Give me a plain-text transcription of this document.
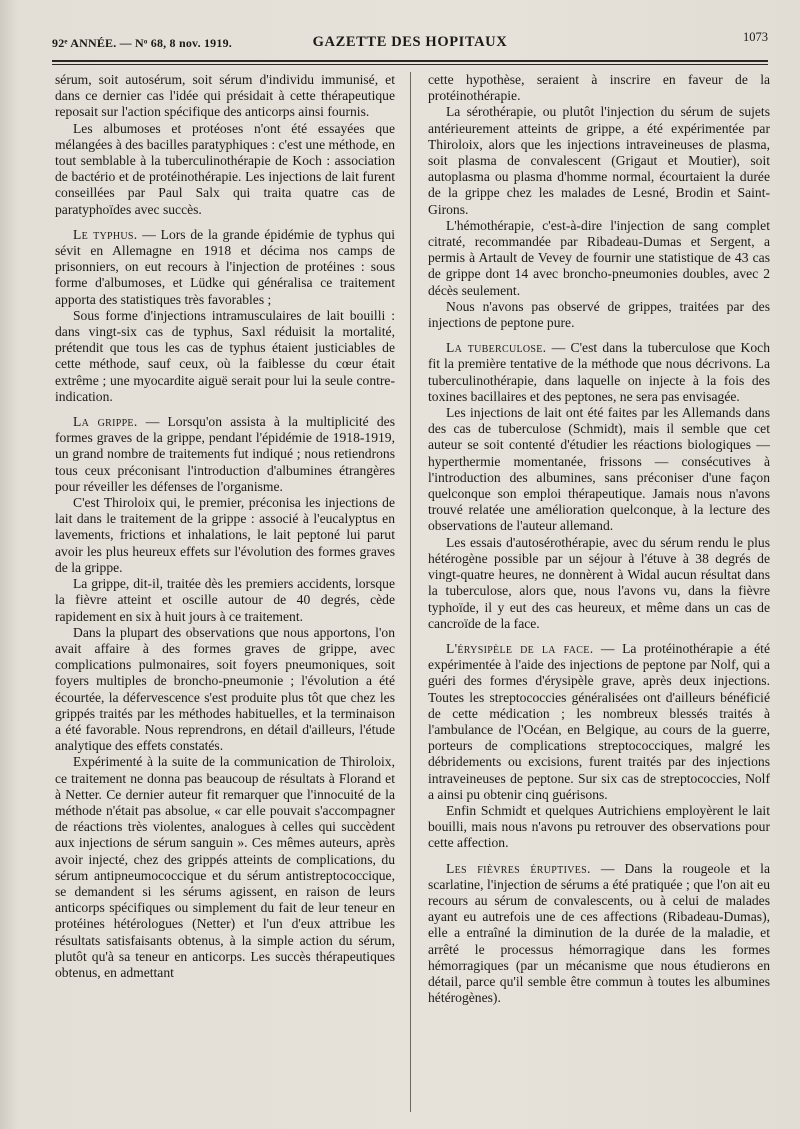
92ᵉ ANNÉE. — Nᵒ 68, 8 nov. 1919.	GAZETTE DES HOPITAUX	1073

sérum, soit autosérum, soit sérum d'individu immunisé, et dans ce dernier cas l'idée qui présidait à cette thérapeutique reposait sur l'action spécifique des anticorps ainsi fournis.

Les albumoses et protéoses n'ont été essayées que mélangées à des bacilles paratyphiques : c'est une méthode, en tout semblable à la tuberculinothérapie de Koch : association de bactério et de protéinothérapie. Les injections de lait furent conseillées par Paul Salx qui traita quatre cas de paratyphoïdes avec succès.

Le typhus. — Lors de la grande épidémie de typhus qui sévit en Allemagne en 1918 et décima nos camps de prisonniers, on eut recours à l'injection de protéines : sous forme d'albumoses, et Lüdke qui généralisa ce traitement apporta des statistiques très favorables ;

Sous forme d'injections intramusculaires de lait bouilli : dans vingt-six cas de typhus, Saxl réduisit la mortalité, prétendit que tous les cas de typhus étaient justiciables de cette méthode, sauf ceux, où la faiblesse du cœur était extrême ; une myocardite aiguë serait pour lui la seule contre-indication.

La grippe. — Lorsqu'on assista à la multiplicité des formes graves de la grippe, pendant l'épidémie de 1918-1919, un grand nombre de traitements fut indiqué ; nous retiendrons tous ceux préconisant l'introduction d'albumines étrangères pour réveiller les défenses de l'organisme.

C'est Thiroloix qui, le premier, préconisa les injections de lait dans le traitement de la grippe : associé à l'eucalyptus en lavements, frictions et inhalations, le lait peptoné lui parut avoir les plus heureux effets sur l'évolution des formes graves de la grippe.

La grippe, dit-il, traitée dès les premiers accidents, lorsque la fièvre atteint et oscille autour de 40 degrés, cède rapidement en six à huit jours à ce traitement.

Dans la plupart des observations que nous apportons, l'on avait affaire à des formes graves de grippe, avec complications pulmonaires, soit foyers pneumoniques, soit foyers multiples de broncho-pneumonie ; l'évolution a été écourtée, la défervescence s'est produite plus tôt que chez les grippés traités par les méthodes habituelles, et la terminaison a été favorable. Nous reprendrons, en détail d'ailleurs, l'étude analytique des effets constatés.

Expérimenté à la suite de la communication de Thiroloix, ce traitement ne donna pas beaucoup de résultats à Florand et à Netter. Ce dernier auteur fit remarquer que l'innocuité de la méthode n'était pas absolue, « car elle pouvait s'accompagner de réactions très violentes, analogues à celles qui succèdent aux injections de sérum sanguin ». Ces mêmes auteurs, après avoir injecté, chez des grippés atteints de complications, du sérum antipneumococcique et du sérum antistreptococcique, se demandent si les sérums agissent, en raison de leurs anticorps spécifiques ou simplement du fait de leur teneur en protéines hétérologues (Netter) et l'un d'eux attribue les résultats satisfaisants obtenus, à la simple action du sérum, plutôt qu'à sa teneur en anticorps. Les succès thérapeutiques obtenus, en admettant

cette hypothèse, seraient à inscrire en faveur de la protéinothérapie.

La sérothérapie, ou plutôt l'injection du sérum de sujets antérieurement atteints de grippe, a été expérimentée par Thiroloix, alors que les injections intraveineuses de plasma, soit plasma de convalescent (Grigaut et Moutier), soit autoplasma ou plasma d'homme normal, écourtaient la durée de la grippe chez les malades de Lesné, Brodin et Saint-Girons.

L'hémothérapie, c'est-à-dire l'injection de sang complet citraté, recommandée par Ribadeau-Dumas et Sergent, a permis à Artault de Vevey de fournir une statistique de 43 cas de grippe dont 14 avec broncho-pneumonies doubles, avec 2 décès seulement.

Nous n'avons pas observé de grippes, traitées par des injections de peptone pure.

La tuberculose. — C'est dans la tuberculose que Koch fit la première tentative de la méthode que nous décrivons. La tuberculinothérapie, dans laquelle on injecte à la fois des toxines bacillaires et des peptones, ne sera pas envisagée.

Les injections de lait ont été faites par les Allemands dans des cas de tuberculose (Schmidt), mais il semble que cet auteur se soit contenté d'étudier les réactions biologiques — hyperthermie momentanée, frissons — consécutives à l'introduction des albumines, sans préconiser d'une façon quelconque son emploi thérapeutique. Jamais nous n'avons trouvé relatée une amélioration quelconque, à la lecture des observations de l'auteur allemand.

Les essais d'autosérothérapie, avec du sérum rendu le plus hétérogène possible par un séjour à l'étuve à 38 degrés de vingt-quatre heures, ne donnèrent à Widal aucun résultat dans la tuberculose, alors que, nous l'avons vu, dans la fièvre typhoïde, il y eut des cas heureux, et même dans un cas de cancroïde de la face.

L'érysipèle de la face. — La protéinothérapie a été expérimentée à l'aide des injections de peptone par Nolf, qui a guéri des formes d'érysipèle grave, après deux injections. Toutes les streptococcies généralisées ont d'ailleurs bénéficié de cette médication ; les nombreux blessés traités à l'ambulance de l'Océan, en Belgique, au cours de la guerre, porteurs de complications streptococciques, malgré les débridements ou excisions, furent traités par des injections intraveineuses de peptone. Sur six cas de streptococcies, Nolf a ainsi pu obtenir cinq guérisons.

Enfin Schmidt et quelques Autrichiens employèrent le lait bouilli, mais nous n'avons pu retrouver des observations pour cette affection.

Les fièvres éruptives. — Dans la rougeole et la scarlatine, l'injection de sérums a été pratiquée ; que l'on ait eu recours au sérum de convalescents, ou à celui de malades ayant eu autrefois une de ces affections (Ribadeau-Dumas), elle a entraîné la diminution de la durée de la maladie, et arrêté le processus hémorragique dans les formes hémorragiques (par un mécanisme que nous étudierons en détail, parce qu'il semble être commun à toutes les albumines hétérogènes).
